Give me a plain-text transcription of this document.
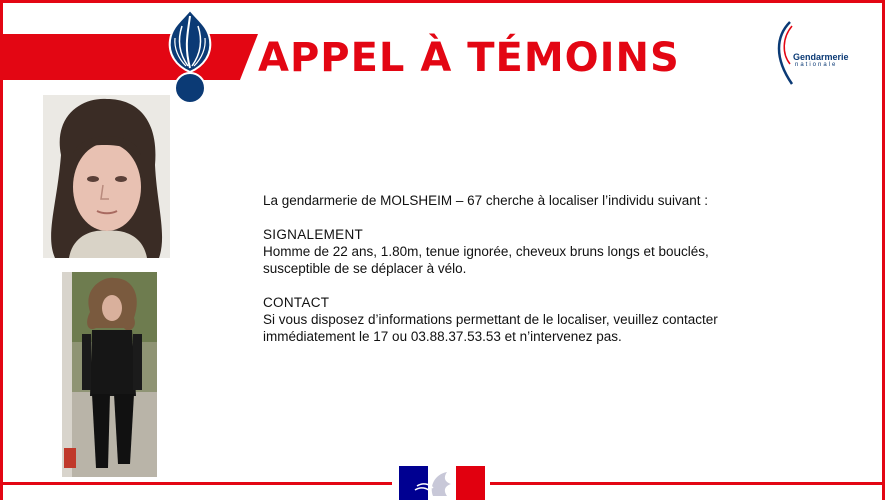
APPEL À TÉMOINS	Gendarmerie
nationale

La gendarmerie de MOLSHEIM – 67 cherche à localiser l’individu suivant :

SIGNALEMENT

Homme de 22 ans, 1.80m, tenue ignorée, cheveux bruns longs et bouclés,

susceptible de se déplacer à vélo.

CONTACT

Si vous disposez d’informations permettant de le localiser, veuillez contacter

immédiatement le 17 ou 03.88.37.53.53 et n’intervenez pas.
